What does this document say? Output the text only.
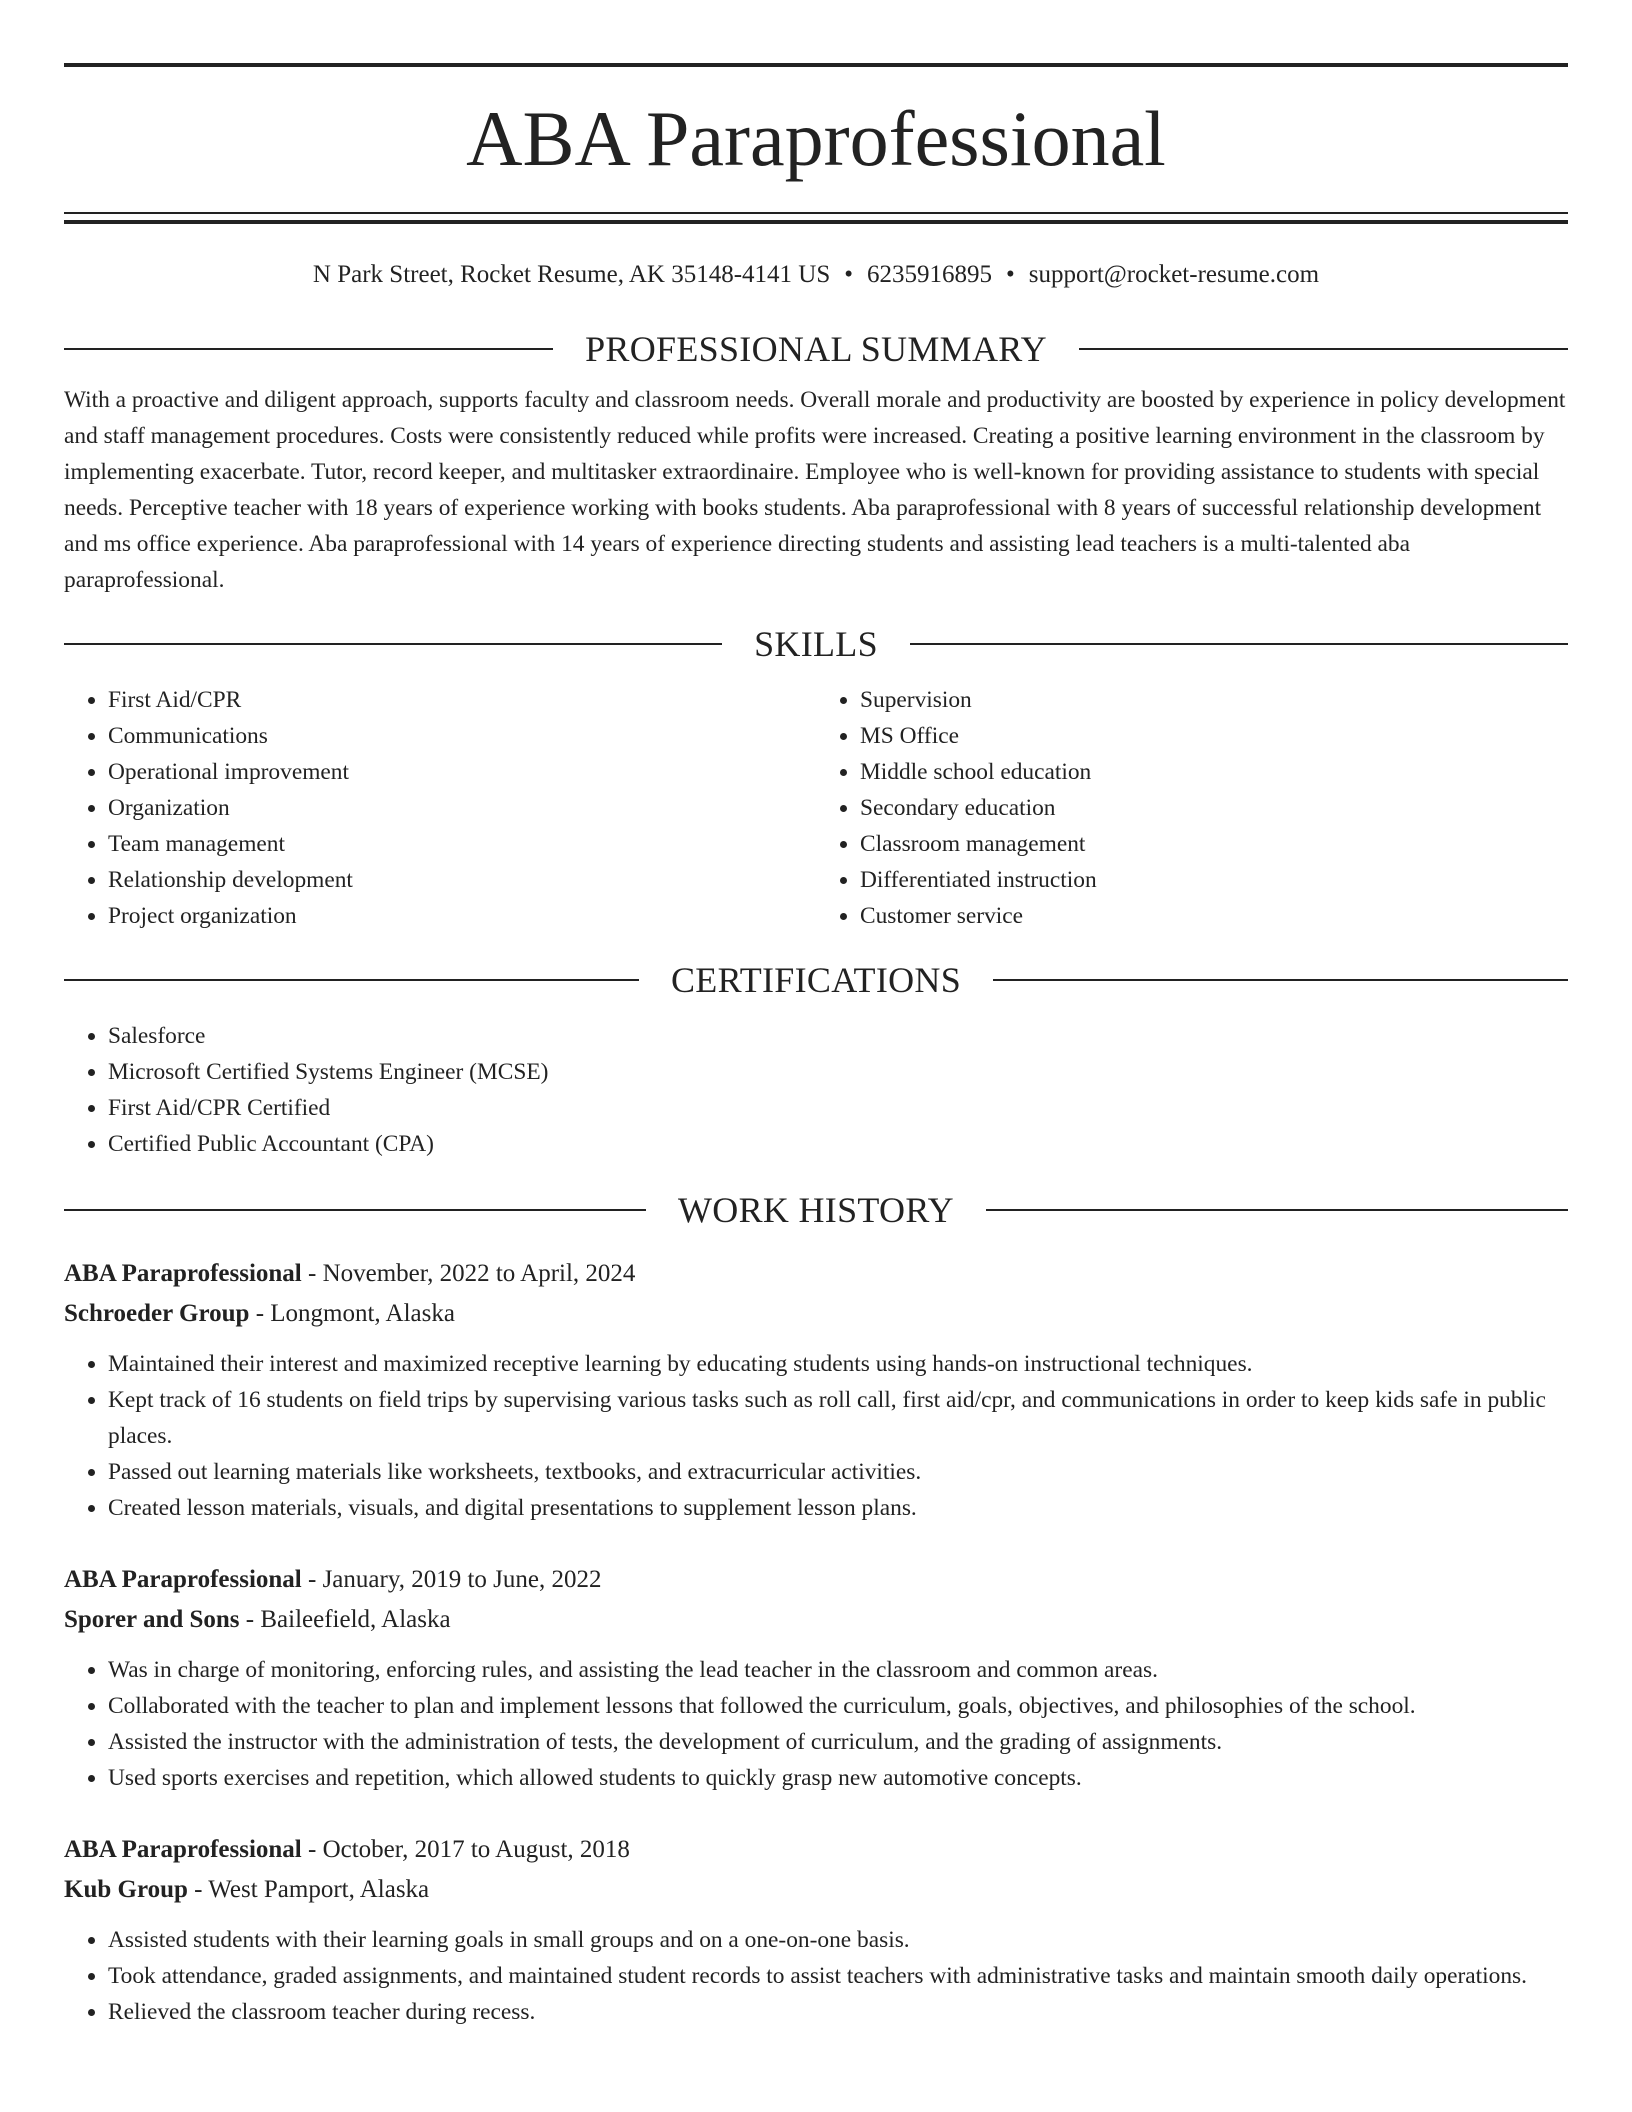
ABA Paraprofessional
N Park Street, Rocket Resume, AK 35148-4141 US • 6235916895 • support@rocket-resume.com
PROFESSIONAL SUMMARY

With a proactive and diligent approach, supports faculty and classroom needs. Overall morale and productivity are boosted by experience in policy development and staff management procedures. Costs were consistently reduced while profits were increased. Creating a positive learning environment in the classroom by implementing exacerbate. Tutor, record keeper, and multitasker extraordinaire. Employee who is well-known for providing assistance to students with special needs. Perceptive teacher with 18 years of experience working with books students. Aba paraprofessional with 8 years of successful relationship development and ms office experience. Aba paraprofessional with 14 years of experience directing students and assisting lead teachers is a multi-talented aba paraprofessional.

SKILLS
• First Aid/CPR
• Communications
• Operational improvement
• Organization
• Team management
• Relationship development
• Project organization
• Supervision
• MS Office
• Middle school education
• Secondary education
• Classroom management
• Differentiated instruction
• Customer service
CERTIFICATIONS
• Salesforce
• Microsoft Certified Systems Engineer (MCSE)
• First Aid/CPR Certified
• Certified Public Accountant (CPA)
WORK HISTORY
ABA Paraprofessional - November, 2022 to April, 2024
Schroeder Group - Longmont, Alaska
• Maintained their interest and maximized receptive learning by educating students using hands-on instructional techniques.
• Kept track of 16 students on field trips by supervising various tasks such as roll call, first aid/cpr, and communications in order to keep kids safe in public places.
• Passed out learning materials like worksheets, textbooks, and extracurricular activities.
• Created lesson materials, visuals, and digital presentations to supplement lesson plans.
ABA Paraprofessional - January, 2019 to June, 2022
Sporer and Sons - Baileefield, Alaska
• Was in charge of monitoring, enforcing rules, and assisting the lead teacher in the classroom and common areas.
• Collaborated with the teacher to plan and implement lessons that followed the curriculum, goals, objectives, and philosophies of the school.
• Assisted the instructor with the administration of tests, the development of curriculum, and the grading of assignments.
• Used sports exercises and repetition, which allowed students to quickly grasp new automotive concepts.
ABA Paraprofessional - October, 2017 to August, 2018
Kub Group - West Pamport, Alaska
• Assisted students with their learning goals in small groups and on a one-on-one basis.
• Took attendance, graded assignments, and maintained student records to assist teachers with administrative tasks and maintain smooth daily operations.
• Relieved the classroom teacher during recess.
